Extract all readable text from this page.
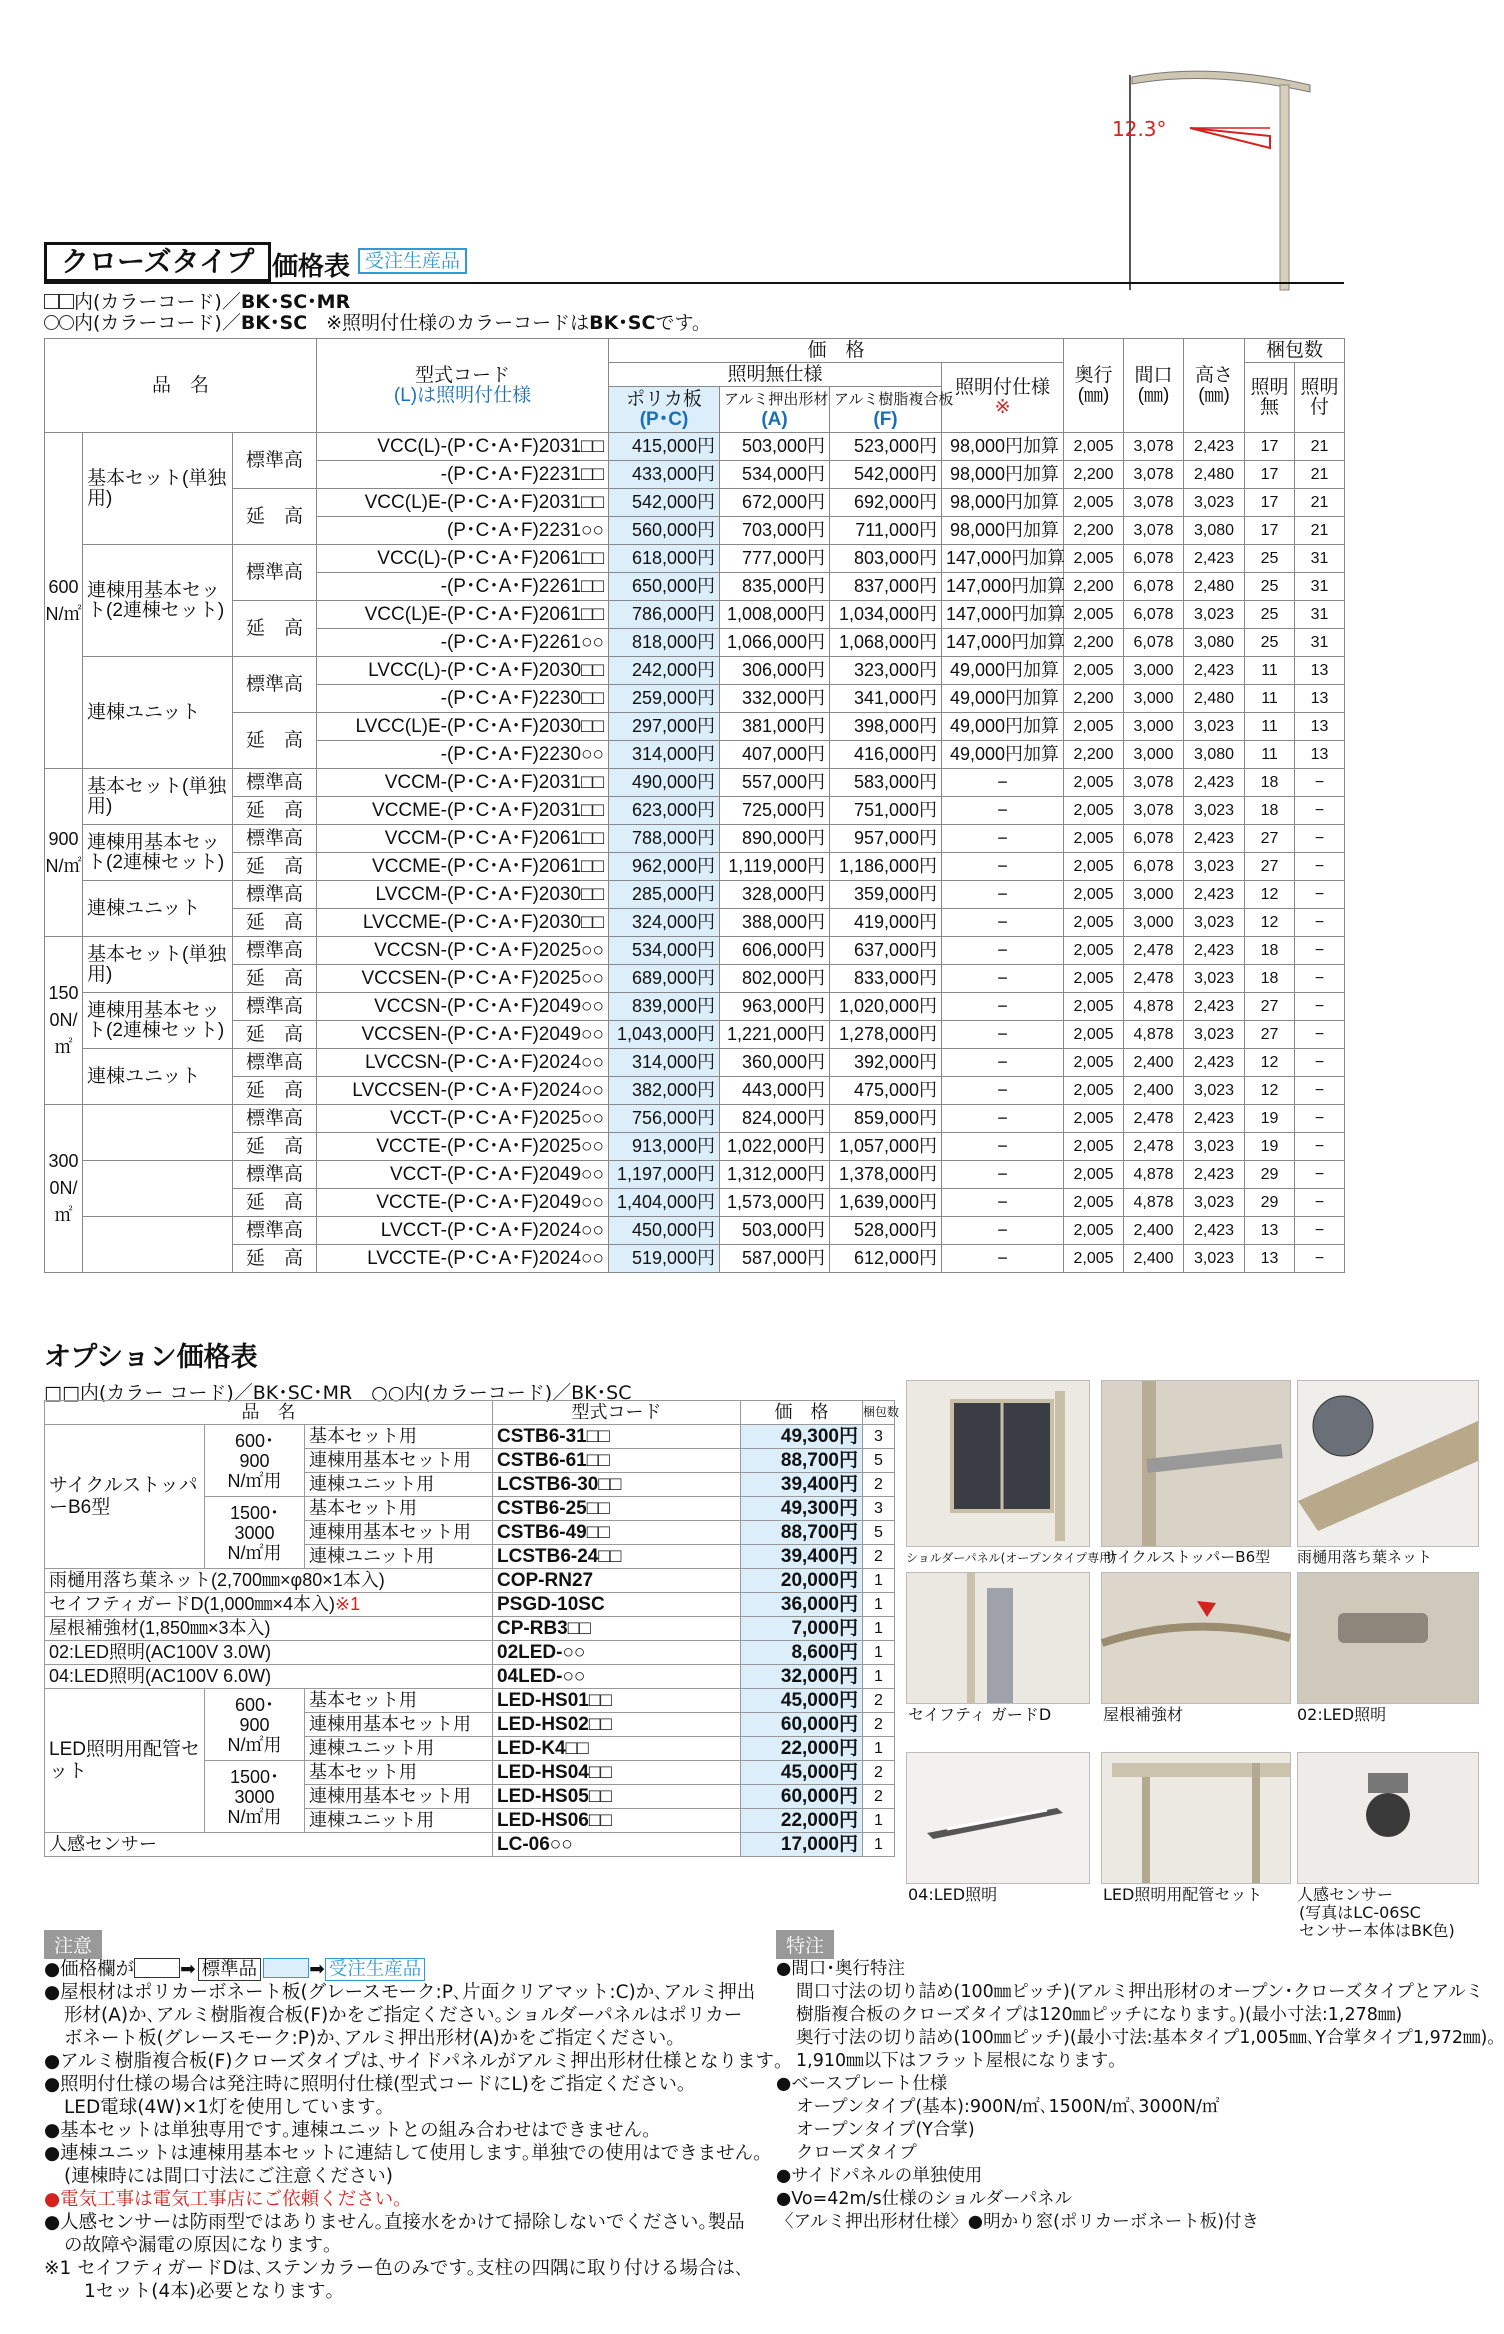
12.3°
クローズタイプ 価格表 受注生産品
内(カラーコード)／BK･SC･MR
内(カラーコード)／BK･SC　※照明付仕様のカラーコードはBK･SCです。
品　名			型式コード
(L)は照明付仕様	価　格				奥行
(㎜)	間口
(㎜)	高さ
(㎜)	梱包数	
				照明無仕様			照明付仕様
※				照明
無	照明
付
				ポリカ板
(P･C)	アルミ押出形材
(A)	アルミ樹脂複合板
(F)						
600N/㎡	基本セット(単独用)	標準高	VCC(L)-(P･C･A･F)2031□□	415,000円	503,000円	523,000円	98,000円加算	2,005	3,078	2,423	17	21
			-(P･C･A･F)2231□□	433,000円	534,000円	542,000円	98,000円加算	2,200	3,078	2,480	17	21
		延　高	VCC(L)E-(P･C･A･F)2031□□	542,000円	672,000円	692,000円	98,000円加算	2,005	3,078	3,023	17	21
			(P･C･A･F)2231○○	560,000円	703,000円	711,000円	98,000円加算	2,200	3,078	3,080	17	21
	連棟用基本セット(2連棟セット)	標準高	VCC(L)-(P･C･A･F)2061□□	618,000円	777,000円	803,000円	147,000円加算	2,005	6,078	2,423	25	31
			-(P･C･A･F)2261□□	650,000円	835,000円	837,000円	147,000円加算	2,200	6,078	2,480	25	31
		延　高	VCC(L)E-(P･C･A･F)2061□□	786,000円	1,008,000円	1,034,000円	147,000円加算	2,005	6,078	3,023	25	31
			-(P･C･A･F)2261○○	818,000円	1,066,000円	1,068,000円	147,000円加算	2,200	6,078	3,080	25	31
	連棟ユニット	標準高	LVCC(L)-(P･C･A･F)2030□□	242,000円	306,000円	323,000円	49,000円加算	2,005	3,000	2,423	11	13
			-(P･C･A･F)2230□□	259,000円	332,000円	341,000円	49,000円加算	2,200	3,000	2,480	11	13
		延　高	LVCC(L)E-(P･C･A･F)2030□□	297,000円	381,000円	398,000円	49,000円加算	2,005	3,000	3,023	11	13
			-(P･C･A･F)2230○○	314,000円	407,000円	416,000円	49,000円加算	2,200	3,000	3,080	11	13
900N/㎡	基本セット(単独用)	標準高	VCCM-(P･C･A･F)2031□□	490,000円	557,000円	583,000円	−	2,005	3,078	2,423	18	−
		延　高	VCCME-(P･C･A･F)2031□□	623,000円	725,000円	751,000円	−	2,005	3,078	3,023	18	−
	連棟用基本セット(2連棟セット)	標準高	VCCM-(P･C･A･F)2061□□	788,000円	890,000円	957,000円	−	2,005	6,078	2,423	27	−
		延　高	VCCME-(P･C･A･F)2061□□	962,000円	1,119,000円	1,186,000円	−	2,005	6,078	3,023	27	−
	連棟ユニット	標準高	LVCCM-(P･C･A･F)2030□□	285,000円	328,000円	359,000円	−	2,005	3,000	2,423	12	−
		延　高	LVCCME-(P･C･A･F)2030□□	324,000円	388,000円	419,000円	−	2,005	3,000	3,023	12	−
1500N/㎡	基本セット(単独用)	標準高	VCCSN-(P･C･A･F)2025○○	534,000円	606,000円	637,000円	−	2,005	2,478	2,423	18	−
		延　高	VCCSEN-(P･C･A･F)2025○○	689,000円	802,000円	833,000円	−	2,005	2,478	3,023	18	−
	連棟用基本セット(2連棟セット)	標準高	VCCSN-(P･C･A･F)2049○○	839,000円	963,000円	1,020,000円	−	2,005	4,878	2,423	27	−
		延　高	VCCSEN-(P･C･A･F)2049○○	1,043,000円	1,221,000円	1,278,000円	−	2,005	4,878	3,023	27	−
	連棟ユニット	標準高	LVCCSN-(P･C･A･F)2024○○	314,000円	360,000円	392,000円	−	2,005	2,400	2,423	12	−
		延　高	LVCCSEN-(P･C･A･F)2024○○	382,000円	443,000円	475,000円	−	2,005	2,400	3,023	12	−
3000N/㎡		標準高	VCCT-(P･C･A･F)2025○○	756,000円	824,000円	859,000円	−	2,005	2,478	2,423	19	−
		延　高	VCCTE-(P･C･A･F)2025○○	913,000円	1,022,000円	1,057,000円	−	2,005	2,478	3,023	19	−
		標準高	VCCT-(P･C･A･F)2049○○	1,197,000円	1,312,000円	1,378,000円	−	2,005	4,878	2,423	29	−
		延　高	VCCTE-(P･C･A･F)2049○○	1,404,000円	1,573,000円	1,639,000円	−	2,005	4,878	3,023	29	−
		標準高	LVCCT-(P･C･A･F)2024○○	450,000円	503,000円	528,000円	−	2,005	2,400	2,423	13	−
		延　高	LVCCTE-(P･C･A･F)2024○○	519,000円	587,000円	612,000円	−	2,005	2,400	3,023	13	−
オプション価格表
□□内(カラー コード)／BK･SC･MR　○○内(カラーコード)／BK･SC
品　名			型式コード	価　格	梱包数
サイクルストッパーB6型	600･
900
N/㎡用	基本セット用	CSTB6-31□□	49,300円	3
		連棟用基本セット用	CSTB6-61□□	88,700円	5
		連棟ユニット用	LCSTB6-30□□	39,400円	2
	1500･
3000
N/㎡用	基本セット用	CSTB6-25□□	49,300円	3
		連棟用基本セット用	CSTB6-49□□	88,700円	5
		連棟ユニット用	LCSTB6-24□□	39,400円	2
雨樋用落ち葉ネット(2,700㎜×φ80×1本入)			COP-RN27	20,000円	1
セイフティガードD(1,000㎜×4本入)※1			PSGD-10SC	36,000円	1
屋根補強材(1,850㎜×3本入)			CP-RB3□□	7,000円	1
02:LED照明(AC100V 3.0W)			02LED-○○	8,600円	1
04:LED照明(AC100V 6.0W)			04LED-○○	32,000円	1
LED照明用配管セット	600･
900
N/㎡用	基本セット用	LED-HS01□□	45,000円	2
		連棟用基本セット用	LED-HS02□□	60,000円	2
		連棟ユニット用	LED-K4□□	22,000円	1
	1500･
3000
N/㎡用	基本セット用	LED-HS04□□	45,000円	2
		連棟用基本セット用	LED-HS05□□	60,000円	2
		連棟ユニット用	LED-HS06□□	22,000円	1
人感センサー			LC-06○○	17,000円	1
ショルダーパネル(オープンタイプ専用)
サイクルストッパーB6型 雨樋用落ち葉ネット
セイフティ ガードD	屋根補強材	02:LED照明
04:LED照明	LED照明用配管セット 人感センサー
(写真はLC-06SC
センサー本体はBK色)
注意
●価格欄が ➡ 標準品	➡ 受注生産品
●屋根材はポリカーボネート板(グレースモーク:P､片面クリアマット:C)か､アルミ押出
形材(A)か､アルミ樹脂複合板(F)かをご指定ください｡ショルダーパネルはポリカー
ボネート板(グレースモーク:P)か､アルミ押出形材(A)かをご指定ください｡
●アルミ樹脂複合板(F)クローズタイプは､サイドパネルがアルミ押出形材仕様となります｡
●照明付仕様の場合は発注時に照明付仕様(型式コードにL)をご指定ください｡
LED電球(4W)×1灯を使用しています｡
●基本セットは単独専用です｡連棟ユニットとの組み合わせはできません｡
●連棟ユニットは連棟用基本セットに連結して使用します｡単独での使用はできません｡
(連棟時には間口寸法にご注意ください)
●電気工事は電気工事店にご依頼ください｡
●人感センサーは防雨型ではありません｡直接水をかけて掃除しないでください｡製品
の故障や漏電の原因になります｡
※1 セイフティガードDは､ステンカラー色のみです｡支柱の四隅に取り付ける場合は､
1セット(4本)必要となります｡
特注
●間口･奥行特注
間口寸法の切り詰め(100㎜ピッチ)(アルミ押出形材のオープン･クローズタイプとアルミ
樹脂複合板のクローズタイプは120㎜ピッチになります｡)(最小寸法:1,278㎜)
奥行寸法の切り詰め(100㎜ピッチ)(最小寸法:基本タイプ1,005㎜､Y合掌タイプ1,972㎜)｡
1,910㎜以下はフラット屋根になります｡
●ベースプレート仕様
オープンタイプ(基本):900N/㎡､1500N/㎡､3000N/㎡
オープンタイプ(Y合掌)
クローズタイプ
●サイドパネルの単独使用
●Vo=42m/s仕様のショルダーパネル
〈アルミ押出形材仕様〉●明かり窓(ポリカーボネート板)付き
